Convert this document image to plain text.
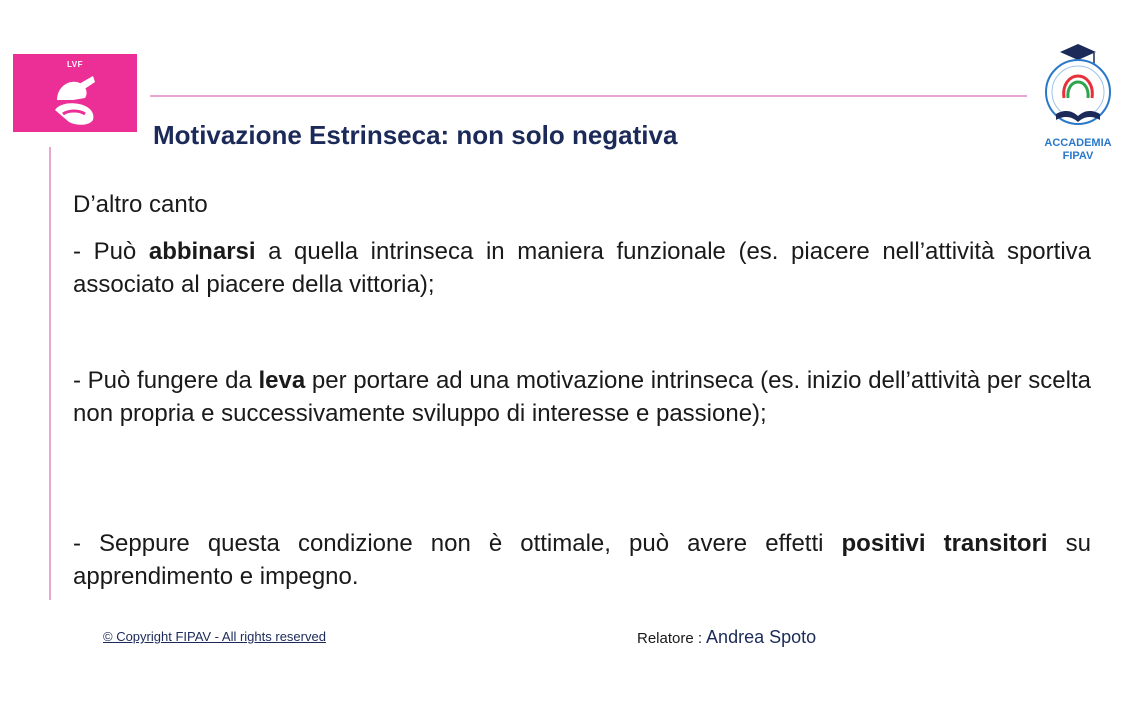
LVF
Motivazione Estrinseca: non solo negativa
D’altro canto
- Può abbinarsi a quella intrinseca in maniera funzionale (es. piacere nell’attività sportiva associato al piacere della vittoria);
- Può fungere da leva per portare ad una motivazione intrinseca (es. inizio dell’attività per scelta non propria e successivamente sviluppo di interesse e passione);
- Seppure questa condizione non è ottimale, può avere effetti positivi transitori su apprendimento e impegno.
© Copyright FIPAV - All rights reserved	Relatore : Andrea Spoto
ACCADEMIA
FIPAV
